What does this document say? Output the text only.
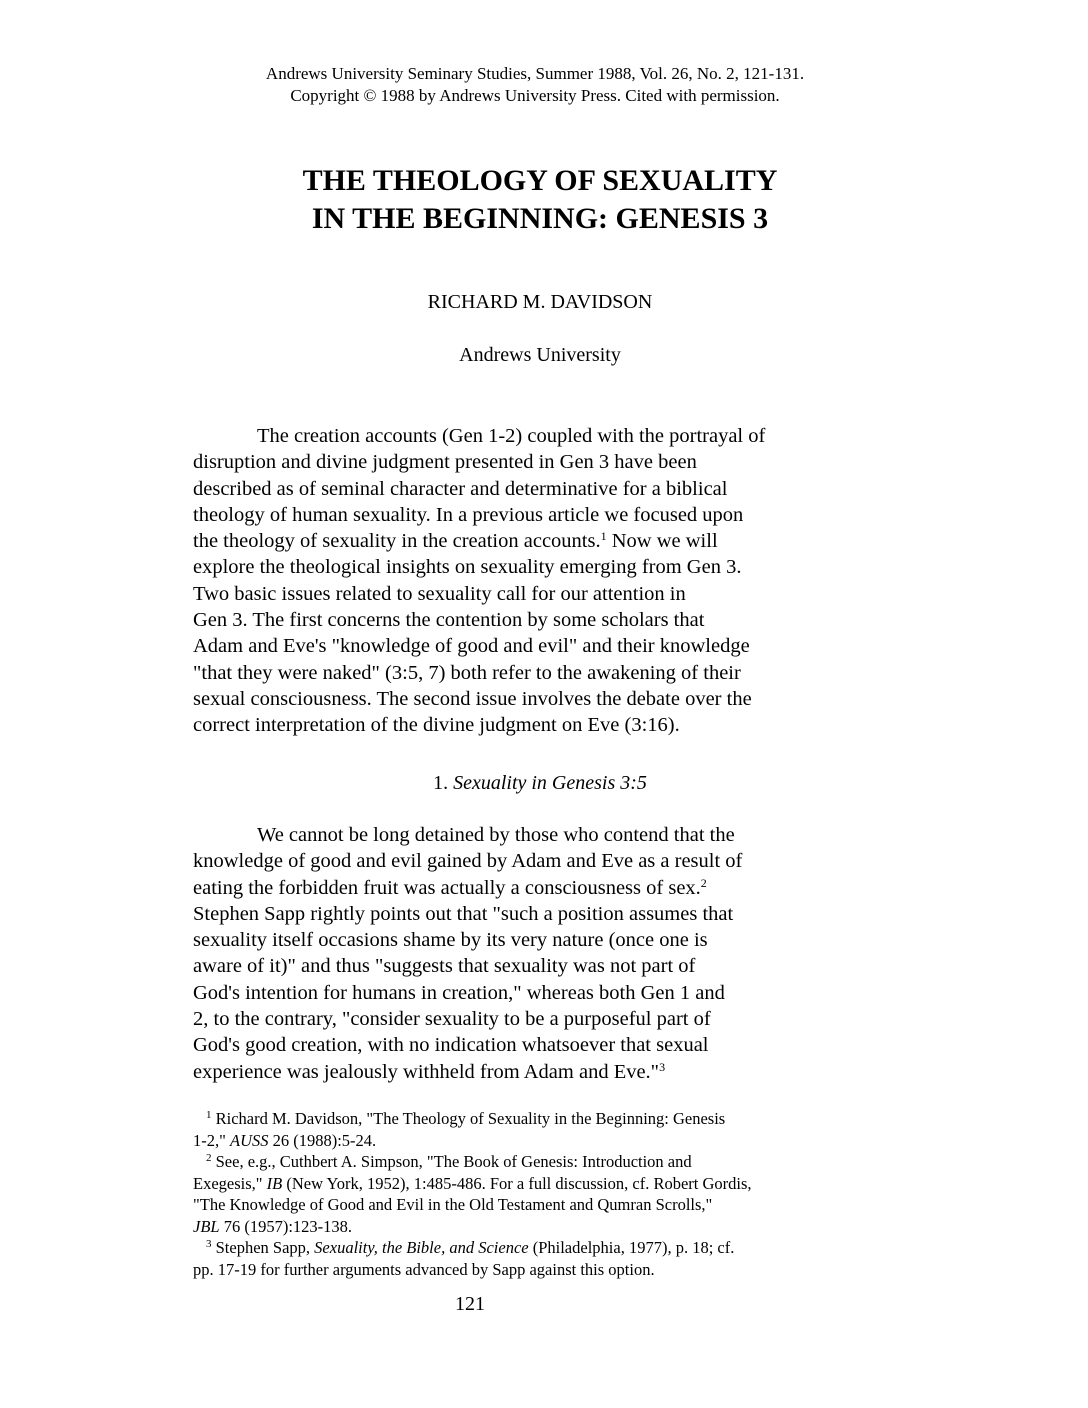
Andrews University Seminary Studies, Summer 1988, Vol. 26, No. 2, 121-131.
Copyright © 1988 by Andrews University Press. Cited with permission.
THE THEOLOGY OF SEXUALITY
IN THE BEGINNING: GENESIS 3
RICHARD M. DAVIDSON
Andrews University
The creation accounts (Gen 1-2) coupled with the portrayal of
disruption and divine judgment presented in Gen 3 have been
described as of seminal character and determinative for a biblical
theology of human sexuality. In a previous article we focused upon
the theology of sexuality in the creation accounts.$^1$ Now we will
explore the theological insights on sexuality emerging from Gen 3.
Two basic issues related to sexuality call for our attention in
Gen 3. The first concerns the contention by some scholars that
Adam and Eve's "knowledge of good and evil" and their knowledge
"that they were naked" (3:5, 7) both refer to the awakening of their
sexual consciousness. The second issue involves the debate over the
correct interpretation of the divine judgment on Eve (3:16).
1. Sexuality in Genesis 3:5
We cannot be long detained by those who contend that the
knowledge of good and evil gained by Adam and Eve as a result of
eating the forbidden fruit was actually a consciousness of sex.$^2$
Stephen Sapp rightly points out that "such a position assumes that
sexuality itself occasions shame by its very nature (once one is
aware of it)" and thus "suggests that sexuality was not part of
God's intention for humans in creation," whereas both Gen 1 and
2, to the contrary, "consider sexuality to be a purposeful part of
God's good creation, with no indication whatsoever that sexual
experience was jealously withheld from Adam and Eve."$^3$
$^1$ Richard M. Davidson, "The Theology of Sexuality in the Beginning: Genesis
1-2," AUSS 26 (1988):5-24.
$^2$ See, e.g., Cuthbert A. Simpson, "The Book of Genesis: Introduction and
Exegesis," IB (New York, 1952), 1:485-486. For a full discussion, cf. Robert Gordis,
"The Knowledge of Good and Evil in the Old Testament and Qumran Scrolls,"
JBL 76 (1957):123-138.
$^3$ Stephen Sapp, Sexuality, the Bible, and Science (Philadelphia, 1977), p. 18; cf.
pp. 17-19 for further arguments advanced by Sapp against this option.
121
